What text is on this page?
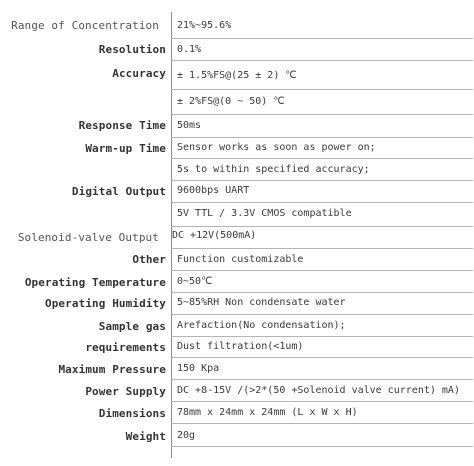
Range of Concentration
Resolution
Accuracy
Response Time
Warm-up Time
Digital Output
Solenoid-valve Output
Other
Operating Temperature
Operating Humidity
Sample gas
requirements
Maximum Pressure
Power Supply
Dimensions
Weight
21%~95.6%
0.1%
± 1.5%FS@(25 ± 2) ℃
± 2%FS@(0 ~ 50) ℃
50ms
Sensor works as soon as power on;
5s to within specified accuracy;
9600bps UART
5V TTL / 3.3V CMOS compatible
DC +12V(500mA)
Function customizable
0~50℃
5~85%RH Non condensate water
Arefaction(No condensation);
Dust filtration(<1um)
150 Kpa
DC +8-15V /(>2*(50 +Solenoid valve current) mA)
78mm x 24mm x 24mm (L x W x H)
20g
